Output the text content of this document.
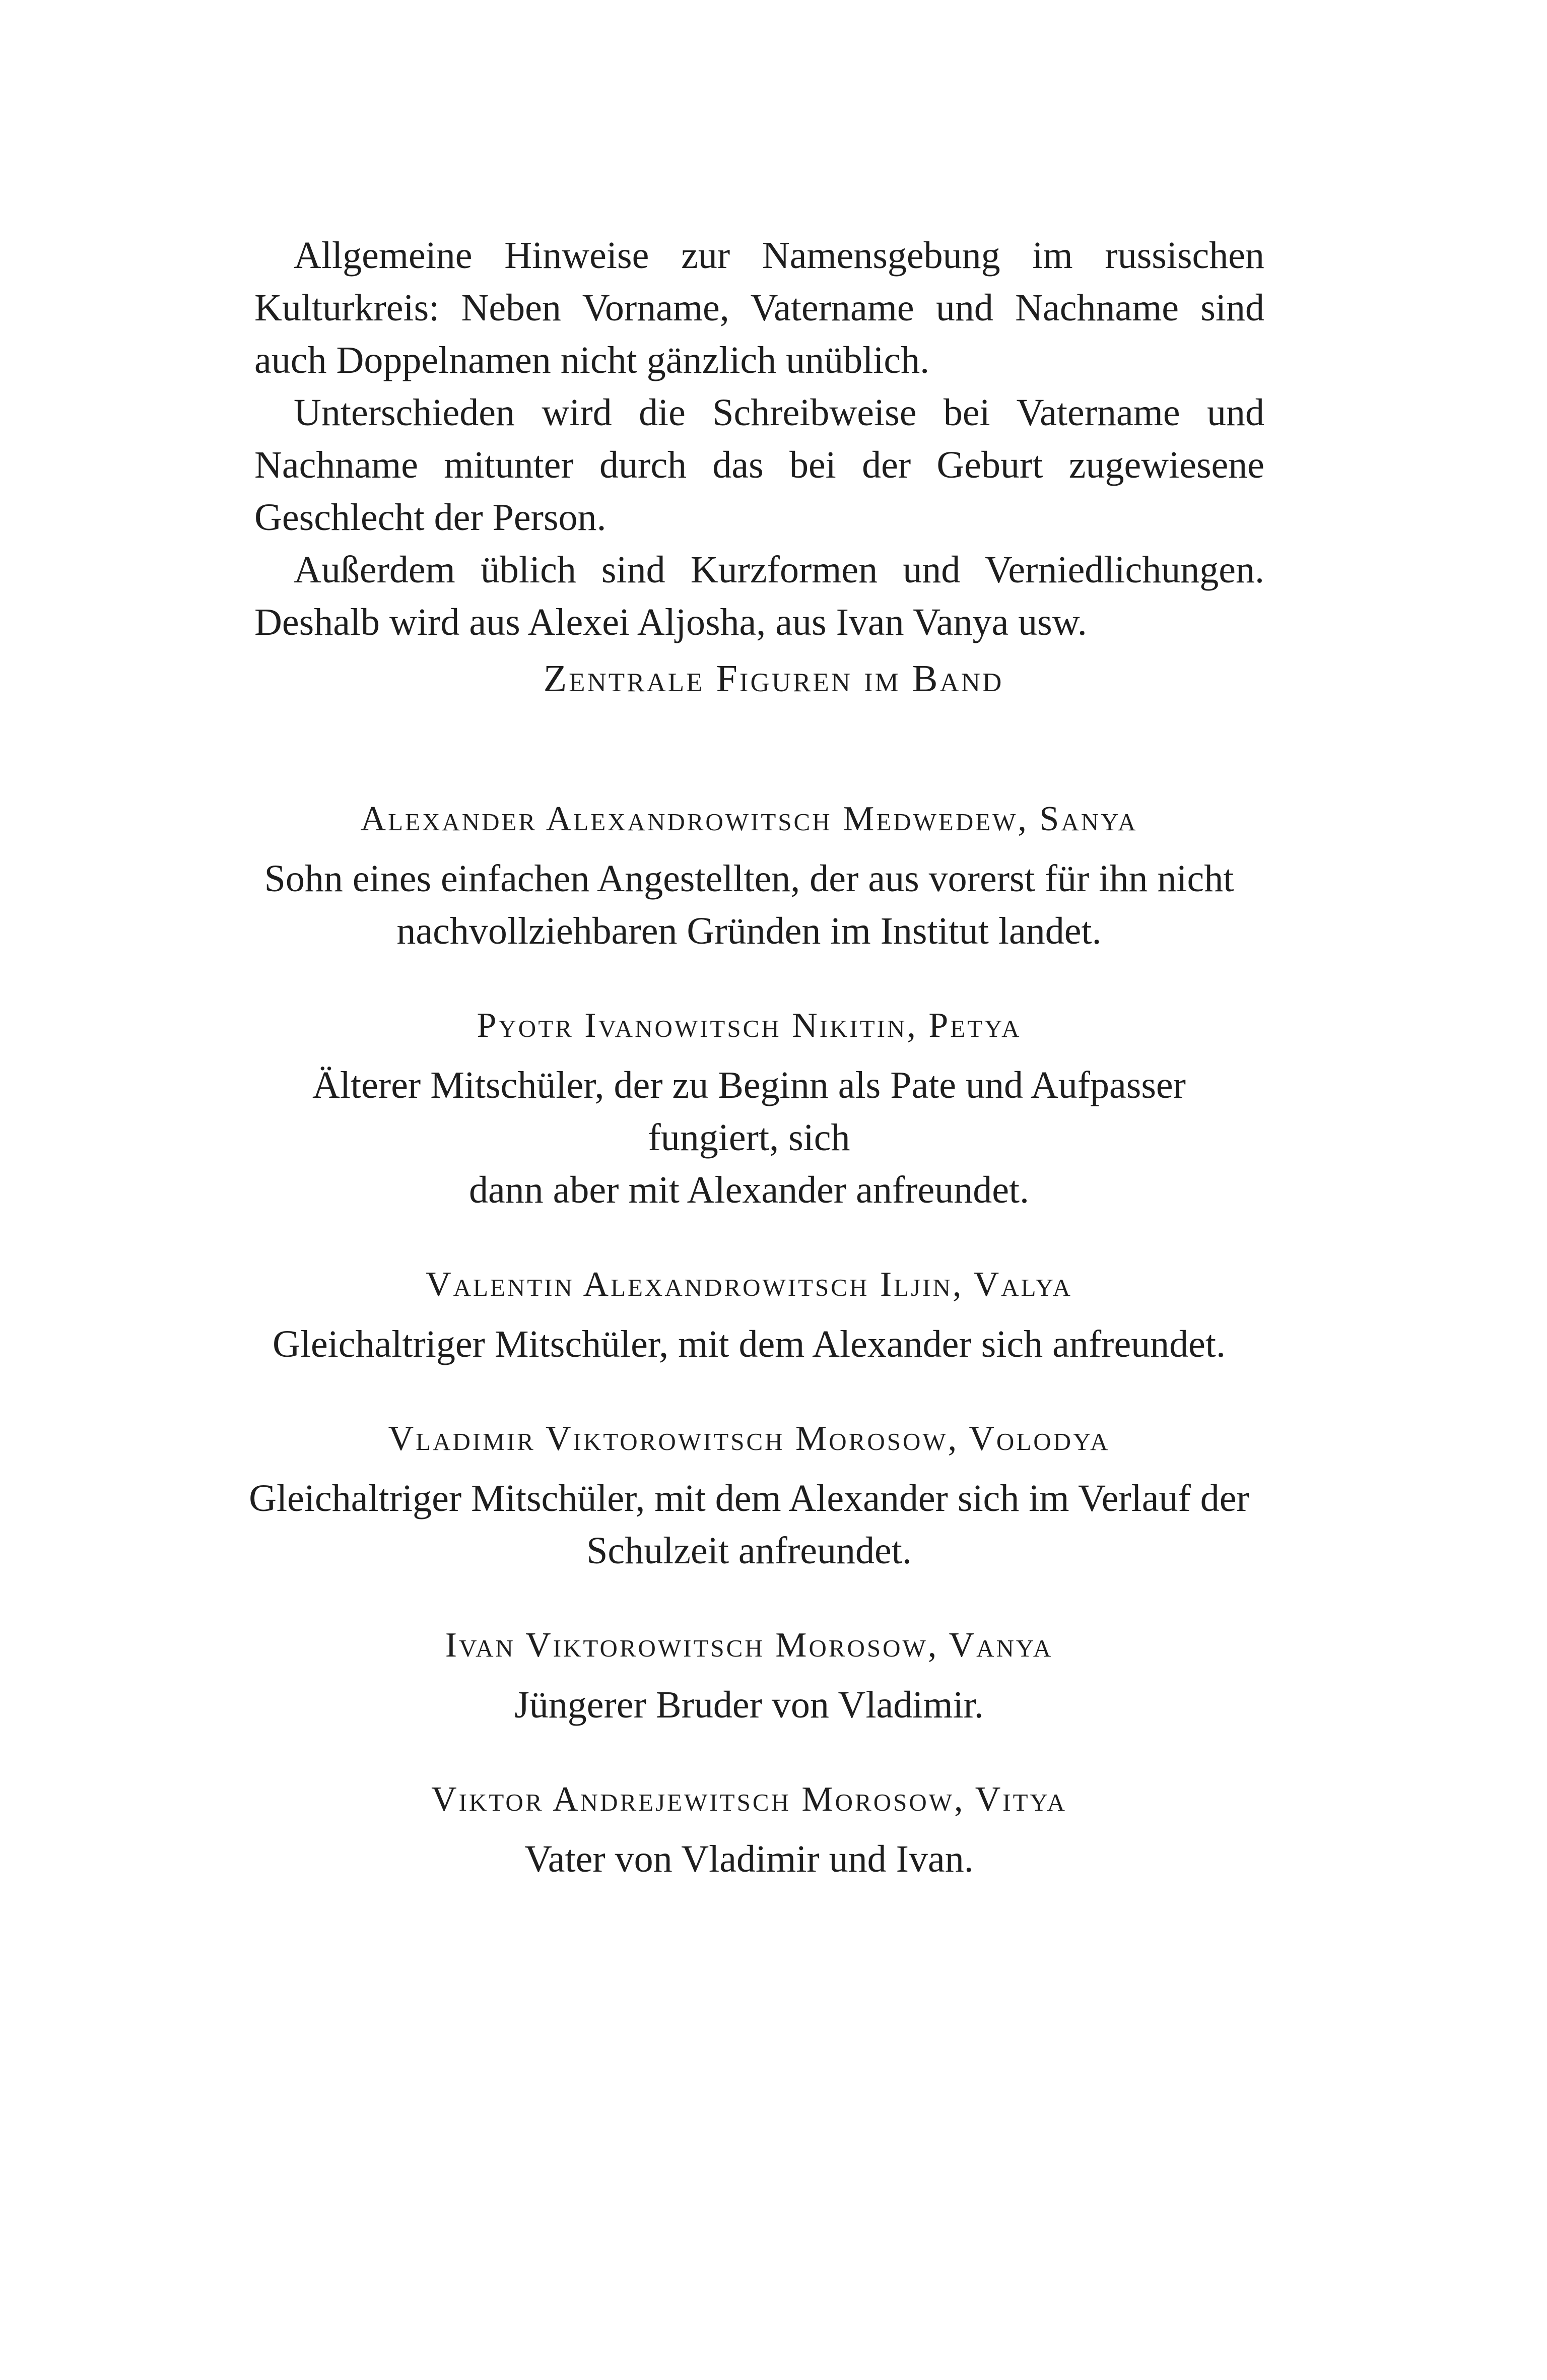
Allgemeine Hinweise zur Namensgebung im russischen Kulturkreis: Neben Vorname, Vatername und Nachname sind auch Doppelnamen nicht gänzlich unüblich.

Unterschieden wird die Schreibweise bei Vatername und Nachname mitunter durch das bei der Geburt zugewiesene Geschlecht der Person.

Außerdem üblich sind Kurzformen und Verniedlichungen. Deshalb wird aus Alexei Aljosha, aus Ivan Vanya usw.

Zentrale Figuren im Band
Alexander Alexandrowitsch Medwedew, Sanya
Sohn eines einfachen Angestellten, der aus vorerst für ihn nicht
nachvollziehbaren Gründen im Institut landet.
Pyotr Ivanowitsch Nikitin, Petya
Älterer Mitschüler, der zu Beginn als Pate und Aufpasser fungiert, sich
dann aber mit Alexander anfreundet.
Valentin Alexandrowitsch Iljin, Valya
Gleichaltriger Mitschüler, mit dem Alexander sich anfreundet.
Vladimir Viktorowitsch Morosow, Volodya
Gleichaltriger Mitschüler, mit dem Alexander sich im Verlauf der
Schulzeit anfreundet.
Ivan Viktorowitsch Morosow, Vanya
Jüngerer Bruder von Vladimir.
Viktor Andrejewitsch Morosow, Vitya
Vater von Vladimir und Ivan.
